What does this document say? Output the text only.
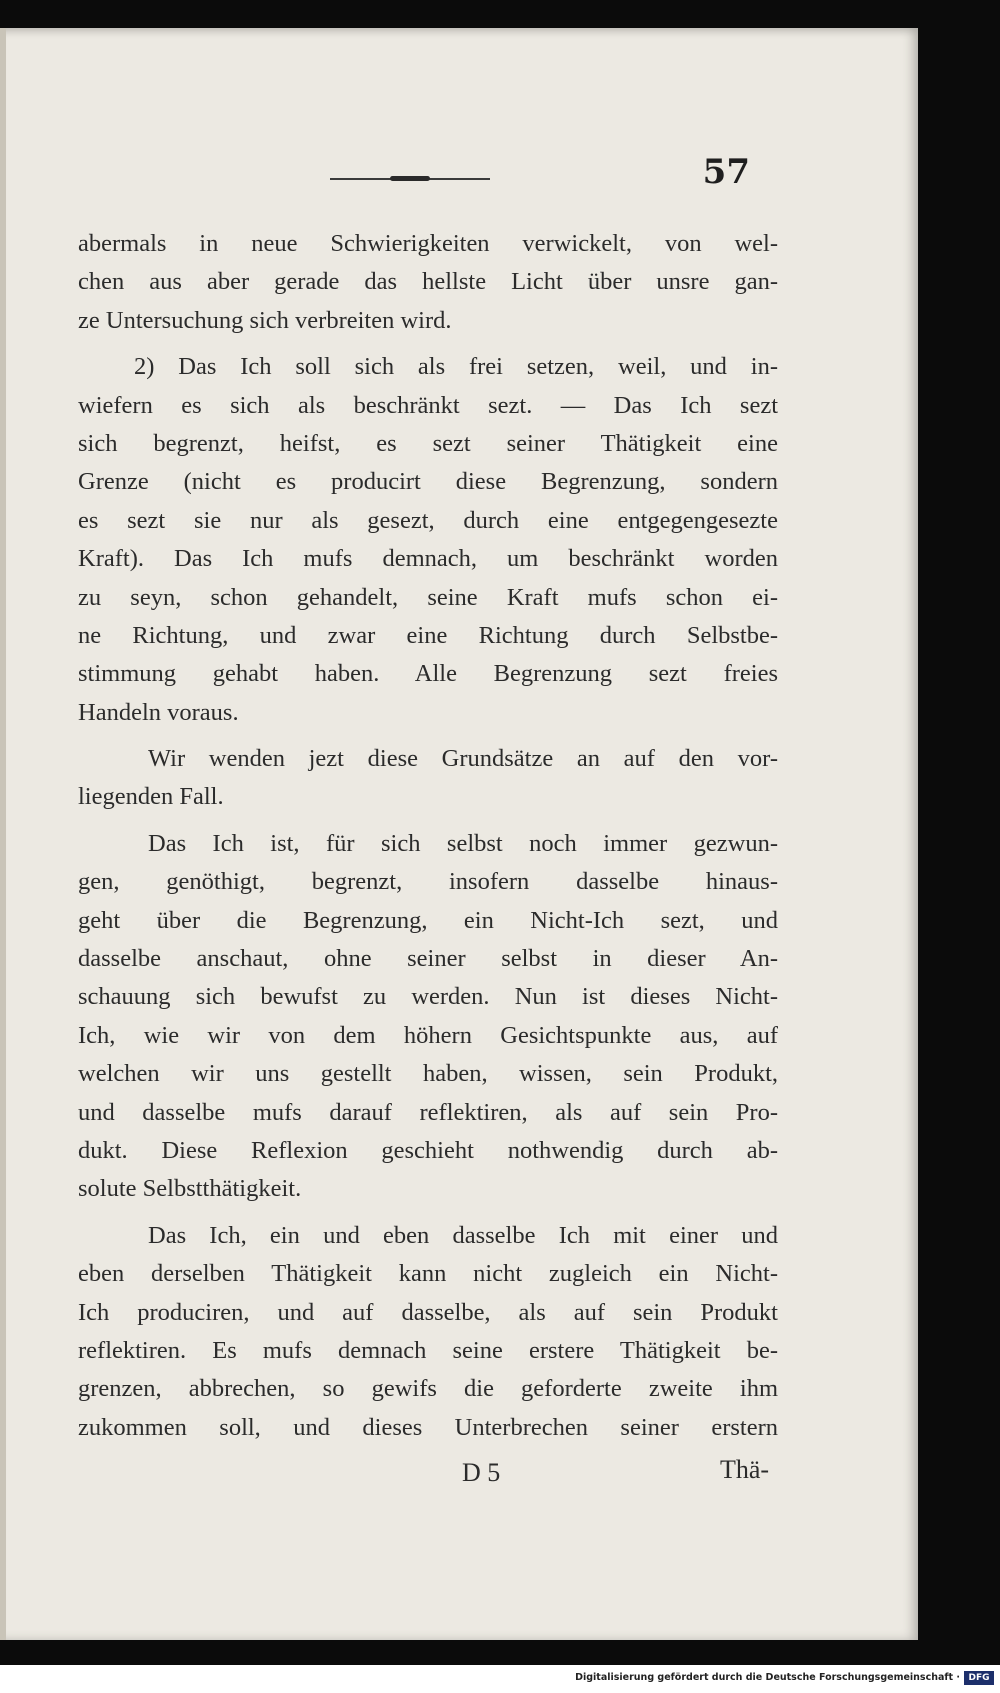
57
abermals in neue Schwierigkeiten verwickelt, von wel-
chen aus aber gerade das hellste Licht über unsre gan-
ze Untersuchung sich verbreiten wird.
2) Das Ich soll sich als frei setzen, weil, und in-
wiefern es sich als beschränkt sezt. — Das Ich sezt
sich begrenzt, heifst, es sezt seiner Thätigkeit eine
Grenze (nicht es producirt diese Begrenzung, sondern
es sezt sie nur als gesezt, durch eine entgegengesezte
Kraft). Das Ich mufs demnach, um beschränkt worden
zu seyn, schon gehandelt, seine Kraft mufs schon ei-
ne Richtung, und zwar eine Richtung durch Selbstbe-
stimmung gehabt haben. Alle Begrenzung sezt freies
Handeln voraus.
Wir wenden jezt diese Grundsätze an auf den vor-
liegenden Fall.
Das Ich ist, für sich selbst noch immer gezwun-
gen, genöthigt, begrenzt, insofern dasselbe hinaus-
geht über die Begrenzung, ein Nicht-Ich sezt, und
dasselbe anschaut, ohne seiner selbst in dieser An-
schauung sich bewufst zu werden. Nun ist dieses Nicht-
Ich, wie wir von dem höhern Gesichtspunkte aus, auf
welchen wir uns gestellt haben, wissen, sein Produkt,
und dasselbe mufs darauf reflektiren, als auf sein Pro-
dukt. Diese Reflexion geschieht nothwendig durch ab-
solute Selbstthätigkeit.
Das Ich, ein und eben dasselbe Ich mit einer und
eben derselben Thätigkeit kann nicht zugleich ein Nicht-
Ich produciren, und auf dasselbe, als auf sein Produkt
reflektiren. Es mufs demnach seine erstere Thätigkeit be-
grenzen, abbrechen, so gewifs die geforderte zweite ihm
zukommen soll, und dieses Unterbrechen seiner erstern
D 5	Thä-
Digitalisierung gefördert durch die Deutsche Forschungsgemeinschaft · DFG
